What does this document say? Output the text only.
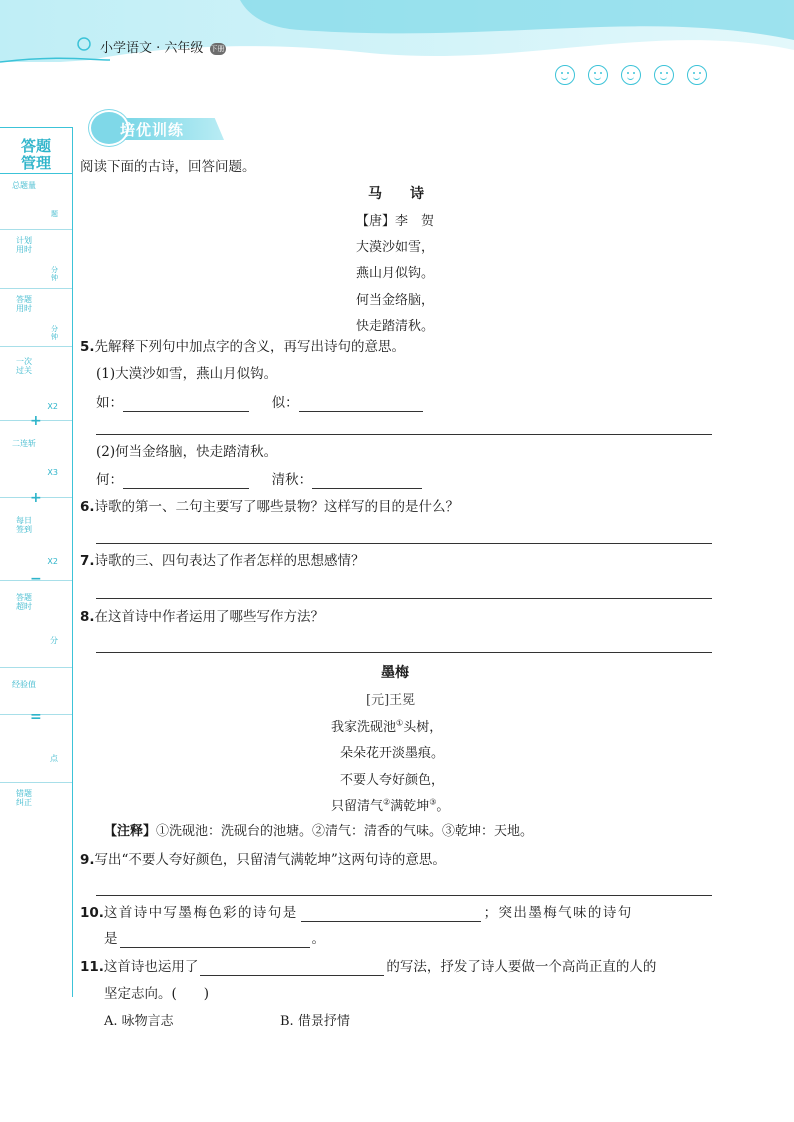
小学语文 · 六年级 下册
答题
管理
总题量
题
计划
用时
分
钟
答题
用时
分
钟
一次
过关
X2
+
二连斩
X3
+
每日
签到
X2
−
答题
超时
分
经验值
=
点
错题
纠正
培优训练
阅读下面的古诗，回答问题。
马　　诗
【唐】李　贺
大漠沙如雪，
燕山月似钩。
何当金络脑，
快走踏清秋。
5.先解释下列句中加点字的含义，再写出诗句的意思。
(1)大漠沙如雪，燕山月似钩。
如：	似：
(2)何当金络脑，快走踏清秋。
何：	清秋：
6.诗歌的第一、二句主要写了哪些景物？这样写的目的是什么？
7.诗歌的三、四句表达了作者怎样的思想感情？
8.在这首诗中作者运用了哪些写作方法？
墨梅
[元]王冕
我家洗砚池①头树，
朵朵花开淡墨痕。
不要人夸好颜色，
只留清气②满乾坤③。
【注释】①洗砚池：洗砚台的池塘。②清气：清香的气味。③乾坤：天地。
9.写出“不要人夸好颜色，只留清气满乾坤”这两句诗的意思。
10.这首诗中写墨梅色彩的诗句是	；突出墨梅气味的诗句
是	。
11.这首诗也运用了	的写法，抒发了诗人要做一个高尚正直的人的
坚定志向。(　　)
A. 咏物言志	B. 借景抒情
